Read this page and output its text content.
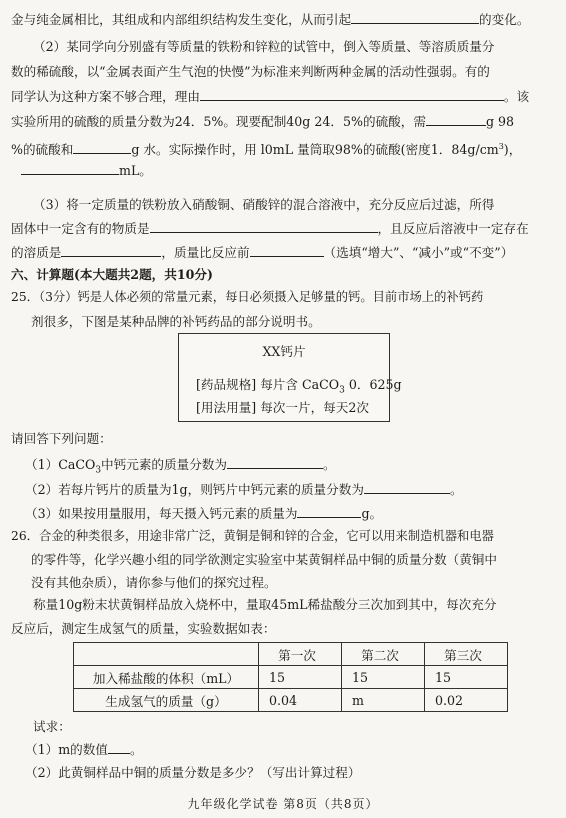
金与纯金属相比，其组成和内部组织结构发生变化，从而引起	的变化。
（2）某同学向分别盛有等质量的铁粉和锌粒的试管中，倒入等质量、等溶质质量分
数的稀硫酸，以“金属表面产生气泡的快慢”为标准来判断两种金属的活动性强弱。有的
同学认为这种方案不够合理，理由	。该
实验所用的硫酸的质量分数为24．5%。现要配制40g 24．5%的硫酸，需	g 98
%的硫酸和	g 水。实际操作时，用 l0mL 量筒取98%的硫酸(密度1．$84g/cm^3$)，
mL。
（3）将一定质量的铁粉放入硝酸铜、硝酸锌的混合溶液中，充分反应后过滤，所得
固体中一定含有的物质是	，且反应后溶液中一定存在
的溶质是	，质量比反应前	（选填“增大”、“减小”或“不变”）
六、计算题(本大题共2题，共10分)
25．（3分）钙是人体必须的常量元素，每日必须摄入足够量的钙。目前市场上的补钙药
剂很多，下图是某种品牌的补钙药品的部分说明书。
XX钙片
[药品规格] 每片含 CaCO$_3$ 0．625g
[用法用量] 每次一片，每天2次
请回答下列问题：
（1）CaCO$_3$中钙元素的质量分数为	。
（2）若每片钙片的质量为1g，则钙片中钙元素的质量分数为	。
（3）如果按用量服用，每天摄入钙元素的质量为	g。
26．合金的种类很多，用途非常广泛，黄铜是铜和锌的合金，它可以用来制造机器和电器
的零件等，化学兴趣小组的同学欲测定实验室中某黄铜样品中铜的质量分数（黄铜中
没有其他杂质），请你参与他们的探究过程。
称量10g粉末状黄铜样品放入烧杯中，量取45mL稀盐酸分三次加到其中，每次充分
反应后，测定生成氢气的质量，实验数据如表：
	第一次	第二次	第三次
加入稀盐酸的体积（mL）	15	15	15
生成氢气的质量（g）	0.04	m	0.02
试求：
（1）m的数值 。
（2）此黄铜样品中铜的质量分数是多少？（写出计算过程）
九年级化学试卷 第8页（共8页）
